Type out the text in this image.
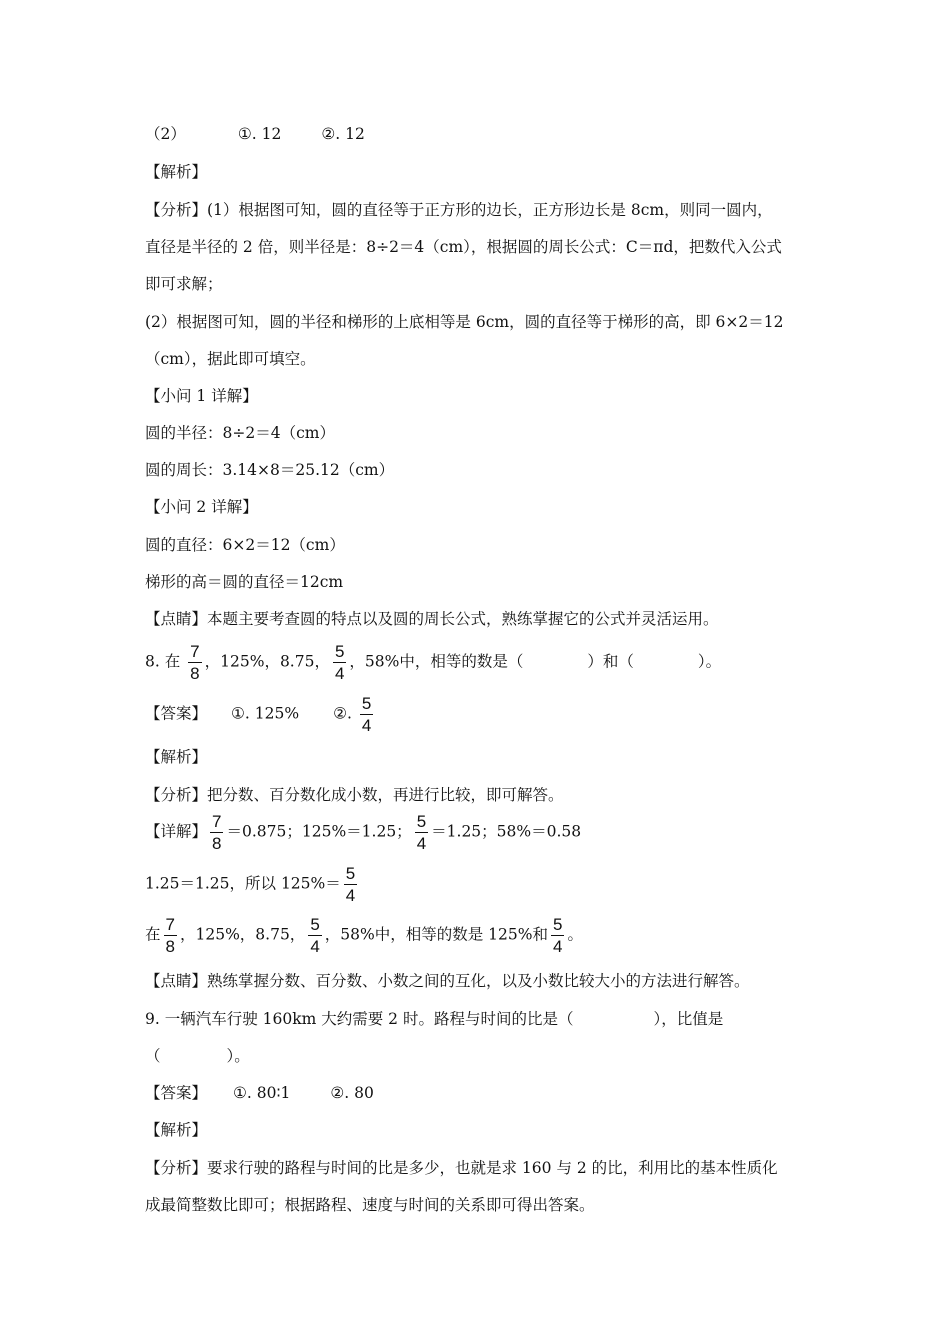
（2）	①. 12	②. 12
【解析】
【分析】(1）根据图可知，圆的直径等于正方形的边长，正方形边长是 8cm，则同一圆内，
直径是半径的 2 倍，则半径是：8÷2＝4（cm），根据圆的周长公式：C＝πd，把数代入公式
即可求解；
(2）根据图可知，圆的半径和梯形的上底相等是 6cm，圆的直径等于梯形的高，即 6×2＝12
（cm），据此即可填空。
【小问 1 详解】
圆的半径：8÷2＝4（cm）
圆的周长：3.14×8＝25.12（cm）
【小问 2 详解】
圆的直径：6×2＝12（cm）
梯形的高＝圆的直径＝12cm
【点睛】本题主要考查圆的特点以及圆的周长公式，熟练掌握它的公式并灵活运用。
8. 在 $\frac{7}{8}$ ，125%，8.75， $\frac{5}{4}$ ，58%中，相等的数是（	）和（	）。
【答案】 ①. 125% ②. $\frac{5}{4}$
【解析】
【分析】把分数、百分数化成小数，再进行比较，即可解答。
【详解】 $\frac{7}{8} =0.875$；125%＝1.25； $\frac{5}{4} =1.25$；58%＝0.58
1.25＝1.25，所以 $125\%= \frac{5}{4}$
在 $\frac{7}{8}$ ，125%，8.75， $\frac{5}{4}$ ，58%中，相等的数是 125%和 $\frac{5}{4}$ 。
【点睛】熟练掌握分数、百分数、小数之间的互化，以及小数比较大小的方法进行解答。
9. 一辆汽车行驶 160km 大约需要 2 时。路程与时间的比是（	），比值是
（	）。
【答案】 ①. 80∶1	②. 80
【解析】
【分析】要求行驶的路程与时间的比是多少，也就是求 160 与 2 的比，利用比的基本性质化
成最简整数比即可；根据路程、速度与时间的关系即可得出答案。
